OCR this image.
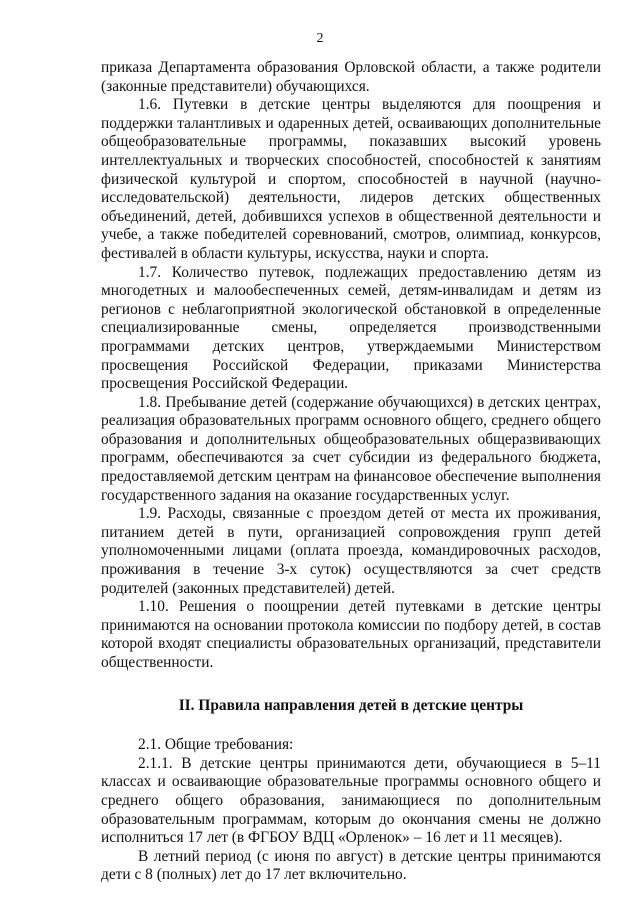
2

приказа Департамента образования Орловской области, а также родители (законные представители) обучающихся.

1.6. Путевки в детские центры выделяются для поощрения и поддержки талантливых и одаренных детей, осваивающих дополнительные общеобразовательные программы, показавших высокий уровень интеллектуальных и творческих способностей, способностей к занятиям физической культурой и спортом, способностей в научной (научно-исследовательской) деятельности, лидеров детских общественных объединений, детей, добившихся успехов в общественной деятельности и учебе, а также победителей соревнований, смотров, олимпиад, конкурсов, фестивалей в области культуры, искусства, науки и спорта.

1.7. Количество путевок, подлежащих предоставлению детям из многодетных и малообеспеченных семей, детям-инвалидам и детям из регионов с неблагоприятной экологической обстановкой в определенные специализированные смены, определяется производственными программами детских центров, утверждаемыми Министерством просвещения Российской Федерации, приказами Министерства просвещения Российской Федерации.

1.8. Пребывание детей (содержание обучающихся) в детских центрах, реализация образовательных программ основного общего, среднего общего образования и дополнительных общеобразовательных общеразвивающих программ, обеспечиваются за счет субсидии из федерального бюджета, предоставляемой детским центрам на финансовое обеспечение выполнения государственного задания на оказание государственных услуг.

1.9. Расходы, связанные с проездом детей от места их проживания, питанием детей в пути, организацией сопровождения групп детей уполномоченными лицами (оплата проезда, командировочных расходов, проживания в течение 3-х суток) осуществляются за счет средств родителей (законных представителей) детей.

1.10. Решения о поощрении детей путевками в детские центры принимаются на основании протокола комиссии по подбору детей, в состав которой входят специалисты образовательных организаций, представители общественности.

II. Правила направления детей в детские центры

2.1. Общие требования:

2.1.1. В детские центры принимаются дети, обучающиеся в 5–11 классах и осваивающие образовательные программы основного общего и среднего общего образования, занимающиеся по дополнительным образовательным программам, которым до окончания смены не должно исполниться 17 лет (в ФГБОУ ВДЦ «Орленок» – 16 лет и 11 месяцев).

В летний период (с июня по август) в детские центры принимаются дети с 8 (полных) лет до 17 лет включительно.
